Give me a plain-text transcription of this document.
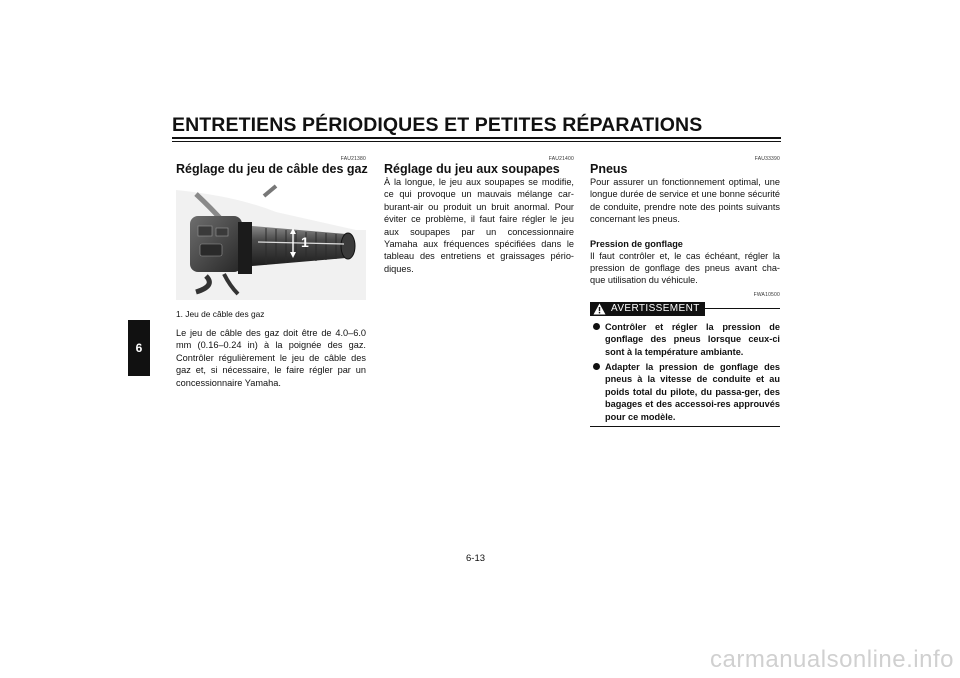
ENTRETIENS PÉRIODIQUES ET PETITES RÉPARATIONS
6
FAU21380
Réglage du jeu de câble des gaz
1
1. Jeu de câble des gaz

Le jeu de câble des gaz doit être de 4.0–6.0 mm (0.16–0.24 in) à la poignée des gaz. Contrôler régulièrement le jeu de câble des gaz et, si nécessaire, le faire régler par un concessionnaire Yamaha.

FAU21400
Réglage du jeu aux soupapes

À la longue, le jeu aux soupapes se modifie, ce qui provoque un mauvais mélange car-burant-air ou produit un bruit anormal. Pour éviter ce problème, il faut faire régler le jeu aux soupapes par un concessionnaire Yamaha aux fréquences spécifiées dans le tableau des entretiens et graissages pério-diques.

FAU33390
Pneus

Pour assurer un fonctionnement optimal, une longue durée de service et une bonne sécurité de conduite, prendre note des points suivants concernant les pneus.

Pression de gonflage

Il faut contrôler et, le cas échéant, régler la pression de gonflage des pneus avant cha-que utilisation du véhicule.

FWA10500
AVERTISSEMENT
Contrôler et régler la pression de gonflage des pneus lorsque ceux-ci sont à la température ambiante.
Adapter la pression de gonflage des pneus à la vitesse de conduite et au poids total du pilote, du passa-ger, des bagages et des accessoi-res approuvés pour ce modèle.
6-13
carmanualsonline.info
